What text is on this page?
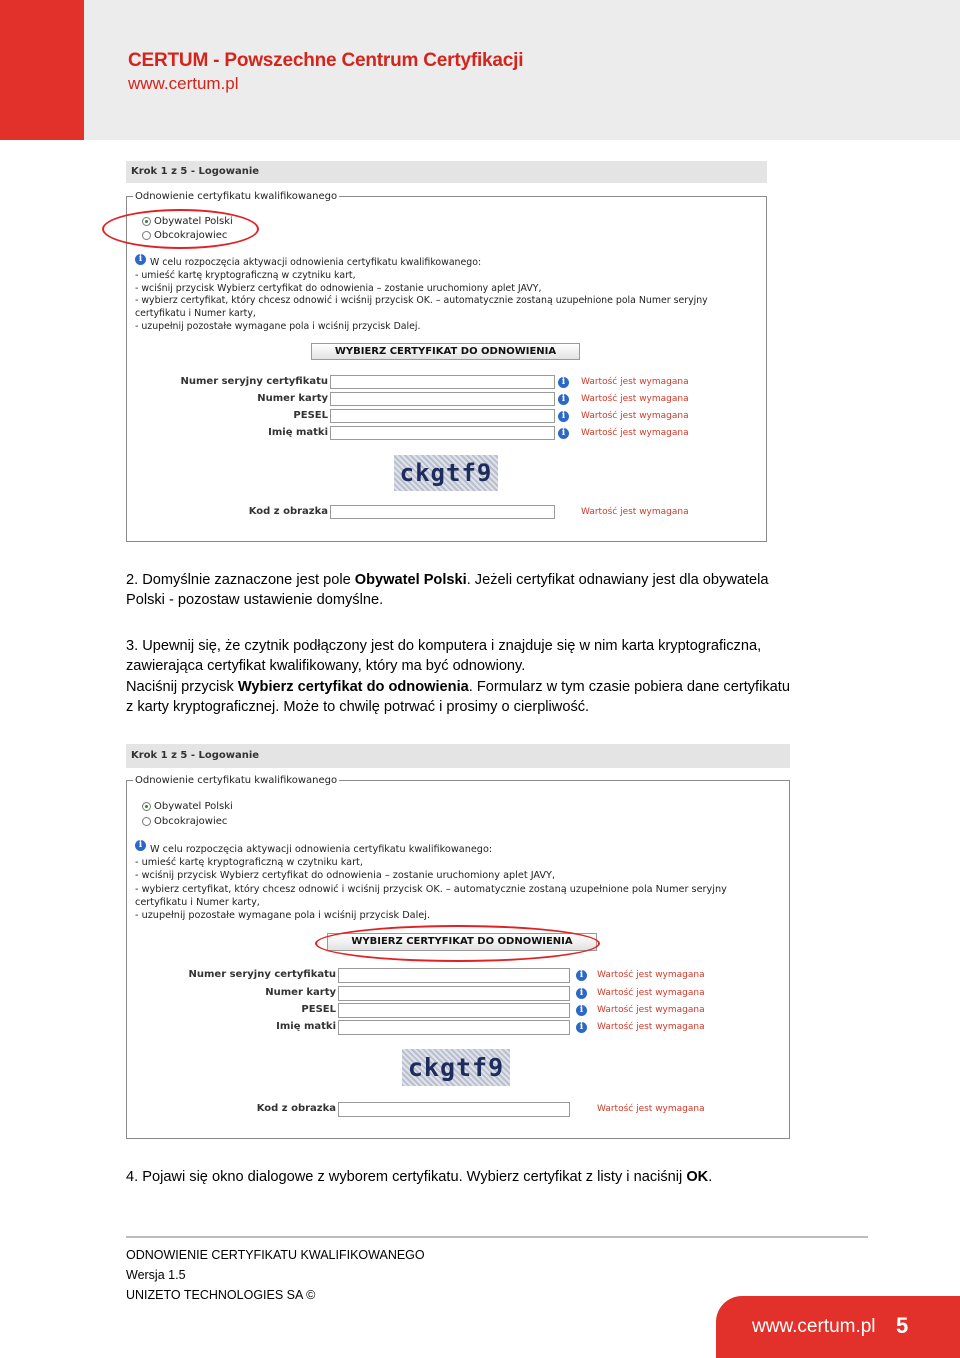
CERTUM - Powszechne Centrum Certyfikacji
www.certum.pl
Krok 1 z 5 - Logowanie
Odnowienie certyfikatu kwalifikowanego
Obywatel Polski
Obcokrajowiec
i W celu rozpoczęcia aktywacji odnowienia certyfikatu kwalifikowanego:
- umieść kartę kryptograficzną w czytniku kart,
- wciśnij przycisk Wybierz certyfikat do odnowienia – zostanie uruchomiony aplet JAVY,
- wybierz certyfikat, który chcesz odnowić i wciśnij przycisk OK. – automatycznie zostaną uzupełnione pola Numer seryjny
certyfikatu i Numer karty,
- uzupełnij pozostałe wymagane pola i wciśnij przycisk Dalej.
WYBIERZ CERTYFIKAT DO ODNOWIENIA
Numer seryjny certyfikatu	i	Wartość jest wymagana
Numer karty	i	Wartość jest wymagana
PESEL	i	Wartość jest wymagana
Imię matki	i	Wartość jest wymagana
ckgtf9
Kod z obrazka	Wartość jest wymagana
2. Domyślnie zaznaczone jest pole Obywatel Polski. Jeżeli certyfikat odnawiany jest dla obywatela
Polski - pozostaw ustawienie domyślne.
3. Upewnij się, że czytnik podłączony jest do komputera i znajduje się w nim karta kryptograficzna,
zawierająca certyfikat kwalifikowany, który ma być odnowiony.
Naciśnij przycisk Wybierz certyfikat do odnowienia. Formularz w tym czasie pobiera dane certyfikatu
z karty kryptograficznej. Może to chwilę potrwać i prosimy o cierpliwość.
Krok 1 z 5 - Logowanie
Odnowienie certyfikatu kwalifikowanego
Obywatel Polski
Obcokrajowiec
i W celu rozpoczęcia aktywacji odnowienia certyfikatu kwalifikowanego:
- umieść kartę kryptograficzną w czytniku kart,
- wciśnij przycisk Wybierz certyfikat do odnowienia – zostanie uruchomiony aplet JAVY,
- wybierz certyfikat, który chcesz odnowić i wciśnij przycisk OK. – automatycznie zostaną uzupełnione pola Numer seryjny
certyfikatu i Numer karty,
- uzupełnij pozostałe wymagane pola i wciśnij przycisk Dalej.
WYBIERZ CERTYFIKAT DO ODNOWIENIA
Numer seryjny certyfikatu	i	Wartość jest wymagana
Numer karty	i	Wartość jest wymagana
PESEL	i	Wartość jest wymagana
Imię matki	i	Wartość jest wymagana
ckgtf9
Kod z obrazka	Wartość jest wymagana
4. Pojawi się okno dialogowe z wyborem certyfikatu. Wybierz certyfikat z listy i naciśnij OK.
ODNOWIENIE CERTYFIKATU KWALIFIKOWANEGO
Wersja 1.5
UNIZETO TECHNOLOGIES SA ©
www.certum.pl 5
